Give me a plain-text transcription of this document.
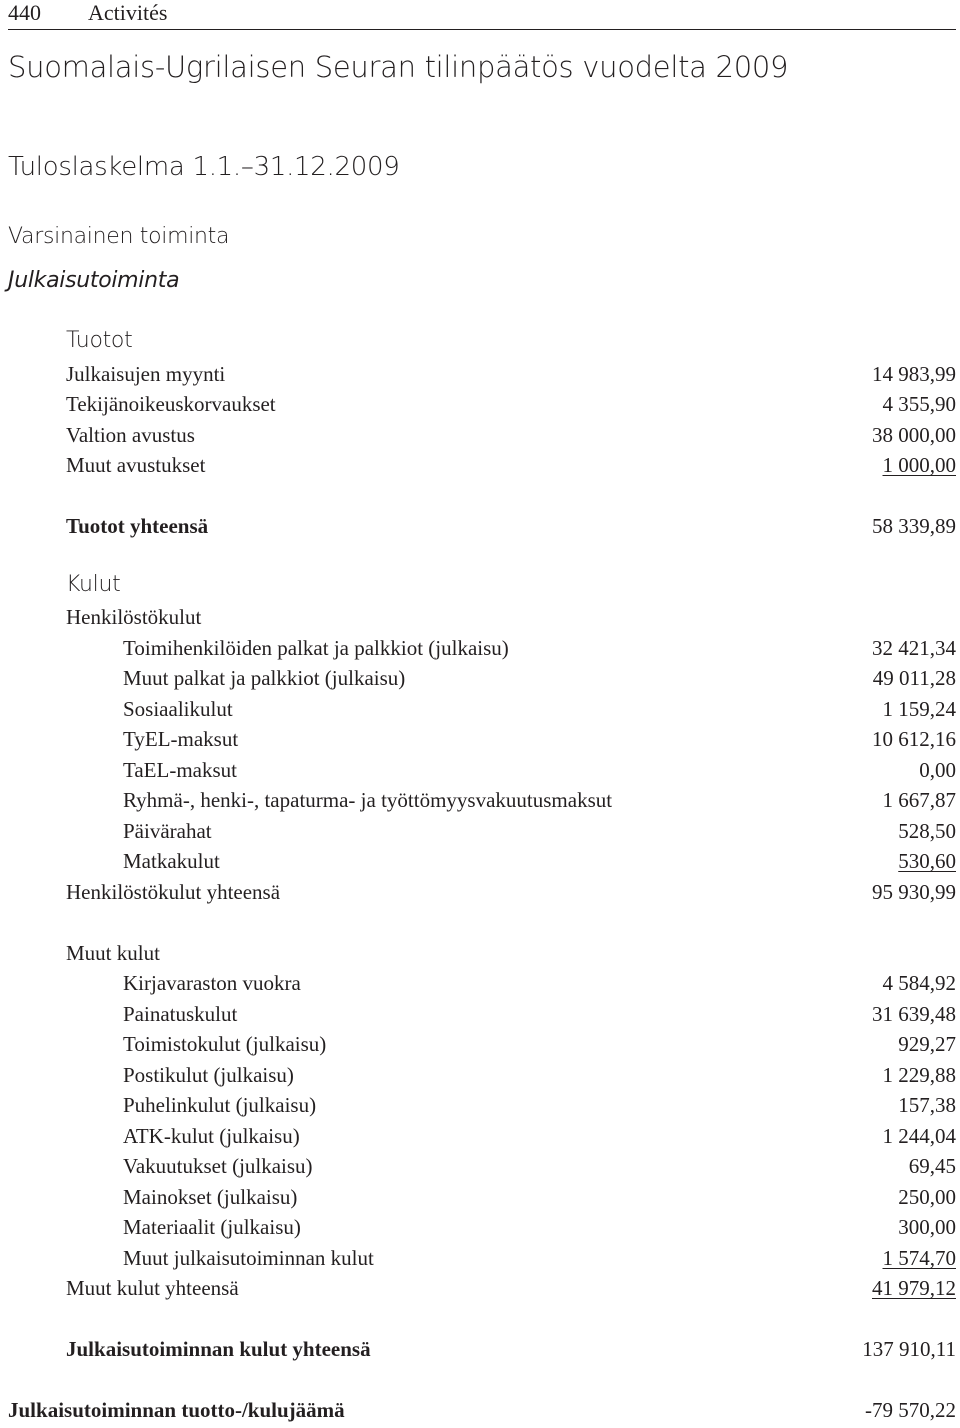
440 Activités
Suomalais-Ugrilaisen Seuran tilinpäätös vuodelta 2009
Tuloslaskelma 1.1.–31.12.2009
Varsinainen toiminta
Julkaisutoiminta
Tuotot
Julkaisujen myynti	14 983,99
Tekijänoikeuskorvaukset	4 355,90
Valtion avustus	38 000,00
Muut avustukset	1 000,00
Tuotot yhteensä	58 339,89
Kulut
Henkilöstökulut
Toimihenkilöiden palkat ja palkkiot (julkaisu)	32 421,34
Muut palkat ja palkkiot (julkaisu)	49 011,28
Sosiaalikulut	1 159,24
TyEL-maksut	10 612,16
TaEL-maksut	0,00
Ryhmä-, henki-, tapaturma- ja työttömyysvakuutusmaksut	1 667,87
Päivärahat	528,50
Matkakulut	530,60
Henkilöstökulut yhteensä	95 930,99
Muut kulut
Kirjavaraston vuokra	4 584,92
Painatuskulut	31 639,48
Toimistokulut (julkaisu)	929,27
Postikulut (julkaisu)	1 229,88
Puhelinkulut (julkaisu)	157,38
ATK-kulut (julkaisu)	1 244,04
Vakuutukset (julkaisu)	69,45
Mainokset (julkaisu)	250,00
Materiaalit (julkaisu)	300,00
Muut julkaisutoiminnan kulut	1 574,70
Muut kulut yhteensä	41 979,12
Julkaisutoiminnan kulut yhteensä	137 910,11
Julkaisutoiminnan tuotto-/kulujäämä	-79 570,22
